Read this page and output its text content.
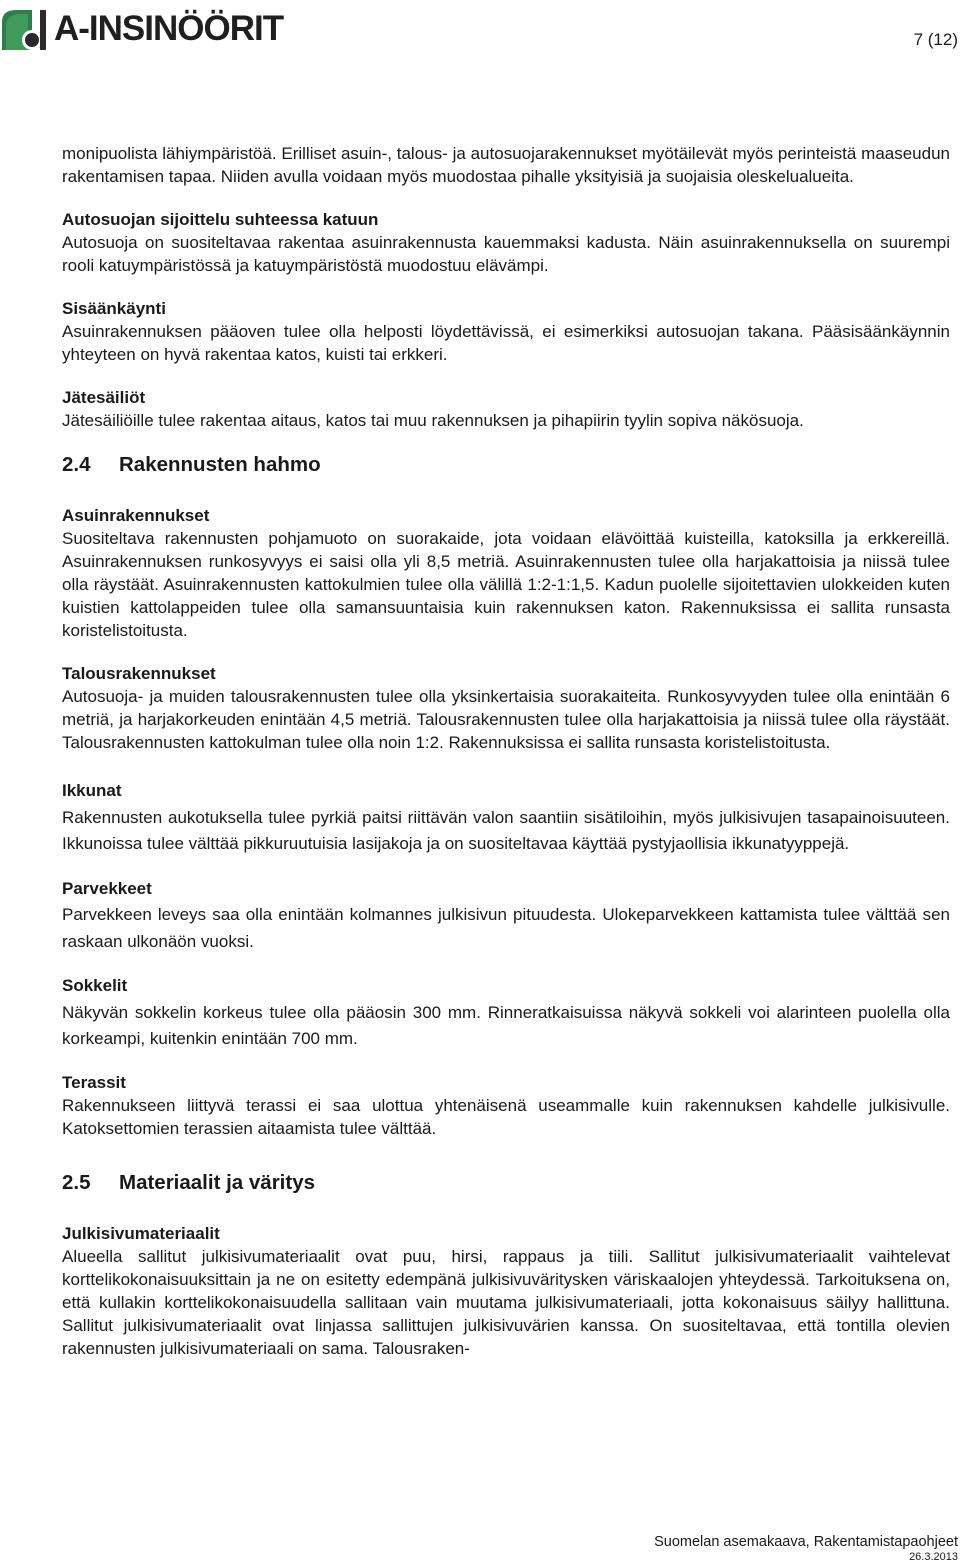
A-INSINÖÖRIT	7 (12)

monipuolista lähiympäristöä. Erilliset asuin-, talous- ja autosuojarakennukset myötäilevät myös perinteistä maaseudun rakentamisen tapaa. Niiden avulla voidaan myös muodostaa pihalle yksityisiä ja suojaisia oleskelualueita.

Autosuojan sijoittelu suhteessa katuun

Autosuoja on suositeltavaa rakentaa asuinrakennusta kauemmaksi kadusta. Näin asuinrakennuksella on suurempi rooli katuympäristössä ja katuympäristöstä muodostuu elävämpi.

Sisäänkäynti

Asuinrakennuksen pääoven tulee olla helposti löydettävissä, ei esimerkiksi autosuojan takana. Pääsisäänkäynnin yhteyteen on hyvä rakentaa katos, kuisti tai erkkeri.

Jätesäiliöt

Jätesäiliöille tulee rakentaa aitaus, katos tai muu rakennuksen ja pihapiirin tyylin sopiva näkösuoja.

2.4 Rakennusten hahmo

Asuinrakennukset

Suositeltava rakennusten pohjamuoto on suorakaide, jota voidaan elävöittää kuisteilla, katoksilla ja erkkereillä. Asuinrakennuksen runkosyvyys ei saisi olla yli 8,5 metriä. Asuinrakennusten tulee olla harjakattoisia ja niissä tulee olla räystäät. Asuinrakennusten kattokulmien tulee olla välillä 1:2-1:1,5. Kadun puolelle sijoitettavien ulokkeiden kuten kuistien kattolappeiden tulee olla samansuuntaisia kuin rakennuksen katon. Rakennuksissa ei sallita runsasta koristelistoitusta.

Talousrakennukset

Autosuoja- ja muiden talousrakennusten tulee olla yksinkertaisia suorakaiteita. Runkosyvyyden tulee olla enintään 6 metriä, ja harjakorkeuden enintään 4,5 metriä. Talousrakennusten tulee olla harjakattoisia ja niissä tulee olla räystäät. Talousrakennusten kattokulman tulee olla noin 1:2. Rakennuksissa ei sallita runsasta koristelistoitusta.

Ikkunat

Rakennusten aukotuksella tulee pyrkiä paitsi riittävän valon saantiin sisätiloihin, myös julkisivujen tasapainoisuuteen. Ikkunoissa tulee välttää pikkuruutuisia lasijakoja ja on suositeltavaa käyttää pystyjaollisia ikkunatyyppejä.

Parvekkeet

Parvekkeen leveys saa olla enintään kolmannes julkisivun pituudesta. Ulokeparvekkeen kattamista tulee välttää sen raskaan ulkonäön vuoksi.

Sokkelit

Näkyvän sokkelin korkeus tulee olla pääosin 300 mm. Rinneratkaisuissa näkyvä sokkeli voi alarinteen puolella olla korkeampi, kuitenkin enintään 700 mm.

Terassit

Rakennukseen liittyvä terassi ei saa ulottua yhtenäisenä useammalle kuin rakennuksen kahdelle julkisivulle. Katoksettomien terassien aitaamista tulee välttää.

2.5 Materiaalit ja väritys

Julkisivumateriaalit

Alueella sallitut julkisivumateriaalit ovat puu, hirsi, rappaus ja tiili. Sallitut julkisivumateriaalit vaihtelevat korttelikokonaisuuksittain ja ne on esitetty edempänä julkisivuväritysken väriskaalojen yhteydessä. Tarkoituksena on, että kullakin korttelikokonaisuudella sallitaan vain muutama julkisivumateriaali, jotta kokonaisuus säilyy hallittuna. Sallitut julkisivumateriaalit ovat linjassa sallittujen julkisivuvärien kanssa. On suositeltavaa, että tontilla olevien rakennusten julkisivumateriaali on sama. Talousraken-

Suomelan asemakaava, Rakentamistapaohjeet
26.3.2013
